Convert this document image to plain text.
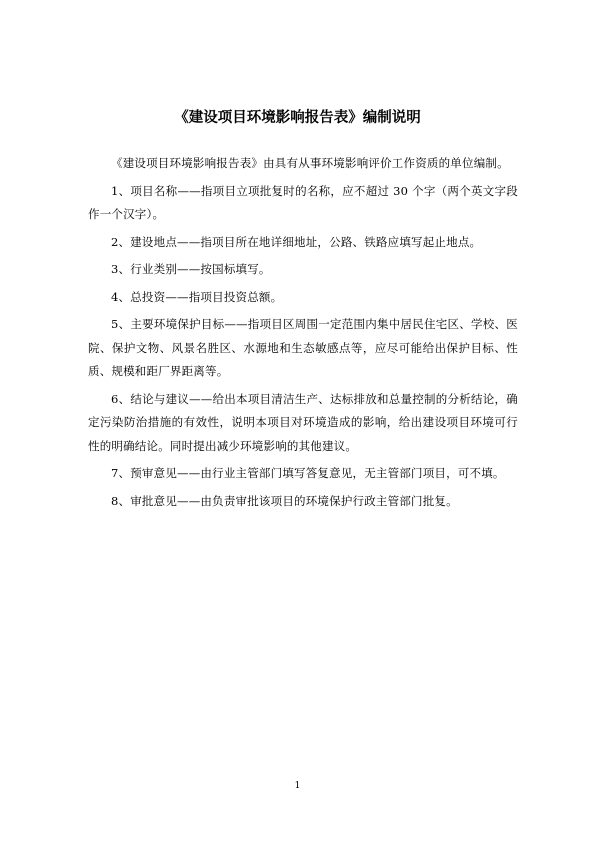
《建设项目环境影响报告表》编制说明

《建设项目环境影响报告表》由具有从事环境影响评价工作资质的单位编制。

1、项目名称——指项目立项批复时的名称，应不超过 30 个字（两个英文字段作一个汉字）。

2、建设地点——指项目所在地详细地址，公路、铁路应填写起止地点。

3、行业类别——按国标填写。

4、总投资——指项目投资总额。

5、主要环境保护目标——指项目区周围一定范围内集中居民住宅区、学校、医院、保护文物、风景名胜区、水源地和生态敏感点等，应尽可能给出保护目标、性质、规模和距厂界距离等。

6、结论与建议——给出本项目清洁生产、达标排放和总量控制的分析结论，确定污染防治措施的有效性，说明本项目对环境造成的影响，给出建设项目环境可行性的明确结论。同时提出减少环境影响的其他建议。

7、预审意见——由行业主管部门填写答复意见，无主管部门项目，可不填。

8、审批意见——由负责审批该项目的环境保护行政主管部门批复。

1
